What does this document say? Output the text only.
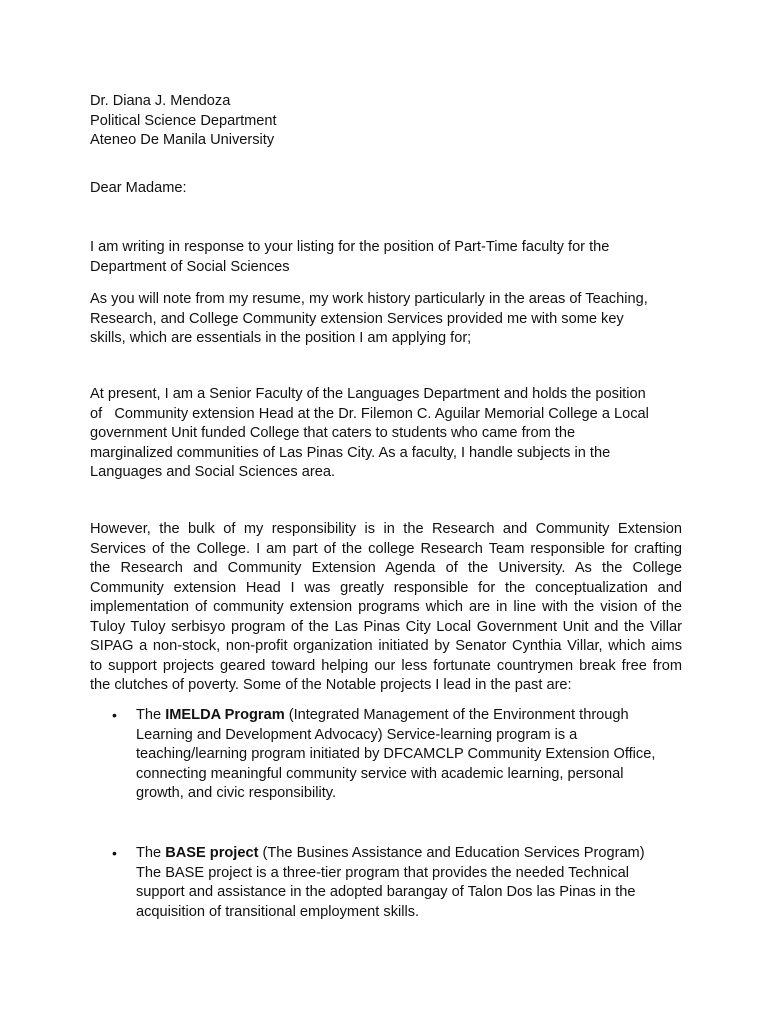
Dr. Diana J. Mendoza
Political Science Department
Ateneo De Manila University
Dear Madame:
I am writing in response to your listing for the position of Part-Time faculty for the
Department of Social Sciences
As you will note from my resume, my work history particularly in the areas of Teaching,
Research, and College Community extension Services provided me with some key
skills, which are essentials in the position I am applying for;
At present, I am a Senior Faculty of the Languages Department and holds the position
of   Community extension Head at the Dr. Filemon C. Aguilar Memorial College a Local
government Unit funded College that caters to students who came from the
marginalized communities of Las Pinas City. As a faculty, I handle subjects in the
Languages and Social Sciences area.
However, the bulk of my responsibility is in the Research and Community Extension
Services of the College. I am part of the college Research Team responsible for crafting
the Research and Community Extension Agenda of the University. As the College
Community extension Head I was greatly responsible for the conceptualization and
implementation of community extension programs which are in line with the vision of the
Tuloy Tuloy serbisyo program of the Las Pinas City Local Government Unit and the Villar
SIPAG a non-stock, non-profit organization initiated by Senator Cynthia Villar, which aims
to support projects geared toward helping our less fortunate countrymen break free from
the clutches of poverty. Some of the Notable projects I lead in the past are:
•	The IMELDA Program (Integrated Management of the Environment through
Learning and Development Advocacy) Service-learning program is a
teaching/learning program initiated by DFCAMCLP Community Extension Office,
connecting meaningful community service with academic learning, personal
growth, and civic responsibility.
•	The BASE project (The Busines Assistance and Education Services Program)
The BASE project is a three-tier program that provides the needed Technical
support and assistance in the adopted barangay of Talon Dos las Pinas in the
acquisition of transitional employment skills.
